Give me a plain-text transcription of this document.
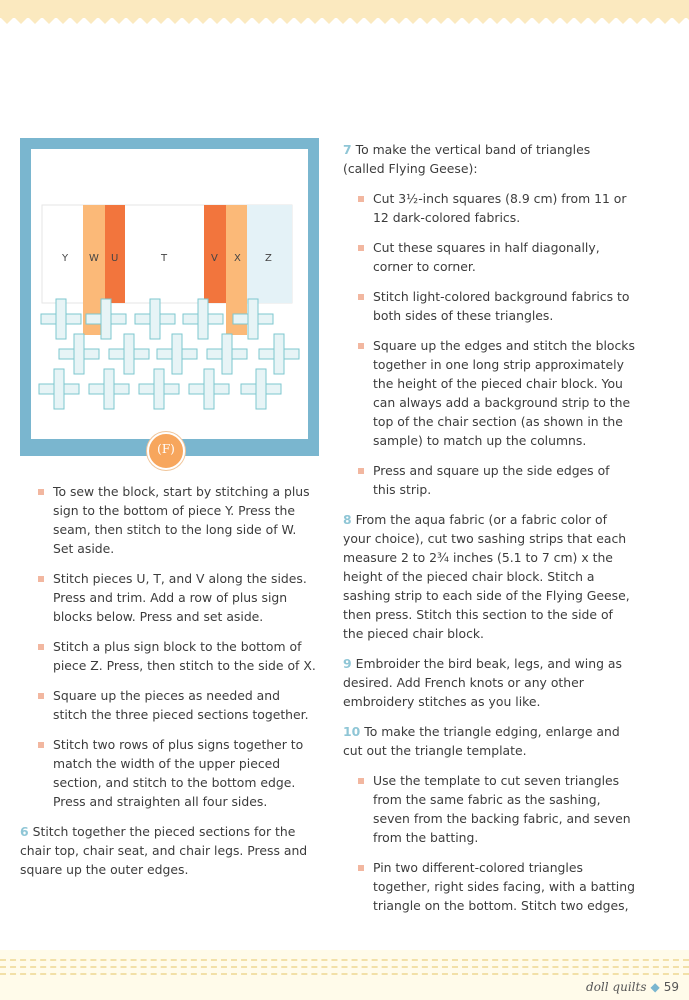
Y W U	T	V X Z
(F)
To sew the block, start by stitching a plus sign to the bottom of piece Y. Press the seam, then stitch to the long side of W. Set aside.
Stitch pieces U, T, and V along the sides. Press and trim. Add a row of plus sign blocks below. Press and set aside.
Stitch a plus sign block to the bottom of piece Z. Press, then stitch to the side of X.
Square up the pieces as needed and stitch the three pieced sections together.
Stitch two rows of plus signs together to match the width of the upper pieced section, and stitch to the bottom edge. Press and straighten all four sides.
6 Stitch together the pieced sections for the chair top, chair seat, and chair legs. Press and square up the outer edges.
7 To make the vertical band of triangles (called Flying Geese):
Cut 3½-inch squares (8.9 cm) from 11 or 12 dark-colored fabrics.
Cut these squares in half diagonally, corner to corner.
Stitch light-colored background fabrics to both sides of these triangles.
Square up the edges and stitch the blocks together in one long strip approximately the height of the pieced chair block. You can always add a background strip to the top of the chair section (as shown in the sample) to match up the columns.
Press and square up the side edges of this strip.
8 From the aqua fabric (or a fabric color of your choice), cut two sashing strips that each measure 2 to 2¾ inches (5.1 to 7 cm) x the height of the pieced chair block. Stitch a sashing strip to each side of the Flying Geese, then press. Stitch this section to the side of the pieced chair block.
9 Embroider the bird beak, legs, and wing as desired. Add French knots or any other embroidery stitches as you like.
10 To make the triangle edging, enlarge and cut out the triangle template.
Use the template to cut seven triangles from the same fabric as the sashing, seven from the backing fabric, and seven from the batting.
Pin two different-colored triangles together, right sides facing, with a batting triangle on the bottom. Stitch two edges,
doll quilts ◆ 59
